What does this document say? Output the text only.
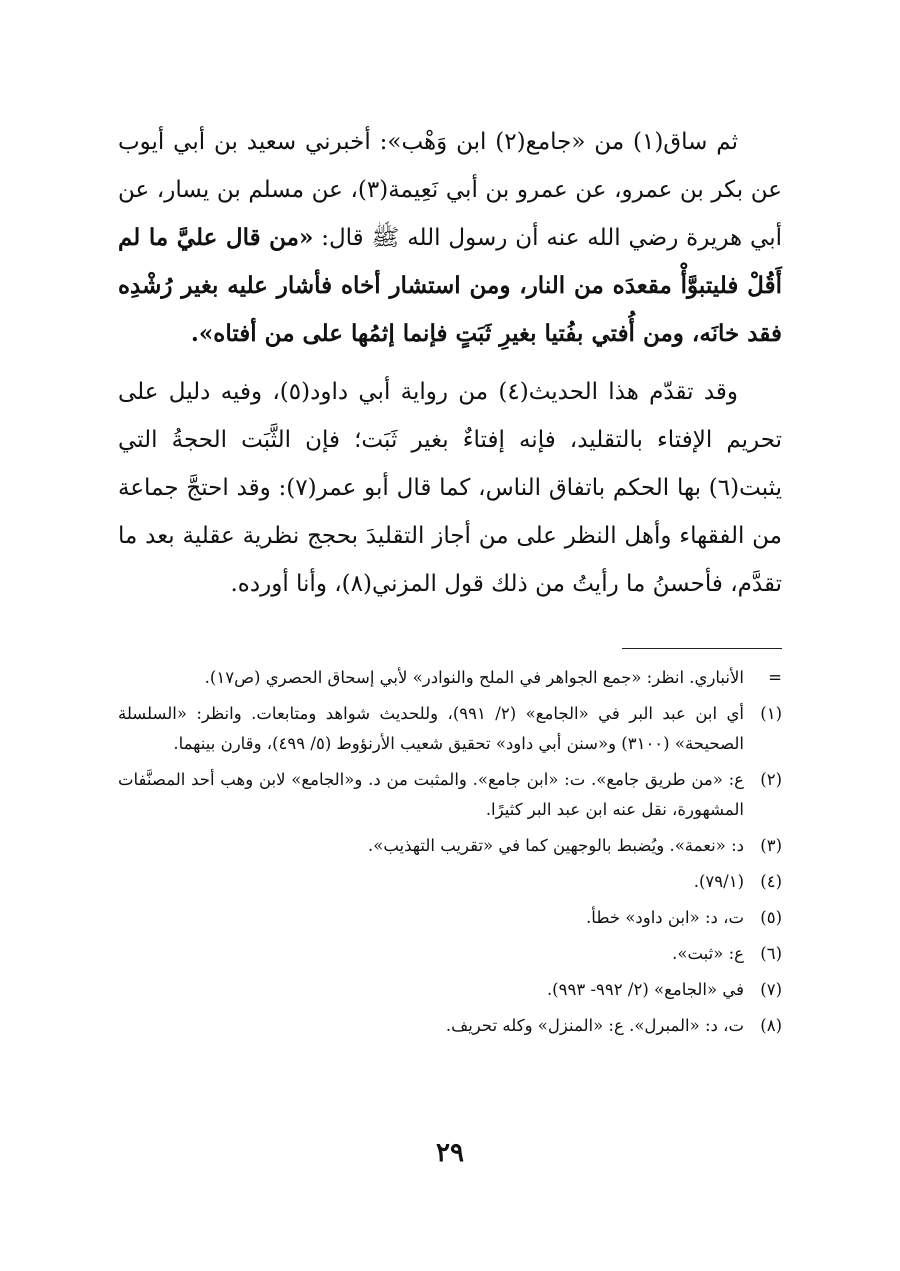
ثم ساق(١) من «جامع(٢) ابن وَهْب»: أخبرني سعيد بن أبي أيوب عن بكر بن عمرو، عن عمرو بن أبي نَعِيمة(٣)، عن مسلم بن يسار، عن أبي هريرة رضي الله عنه أن رسول الله ﷺ قال: «من قال عليَّ ما لم أَقُلْ فليتبوَّأْ مقعدَه من النار، ومن استشار أخاه فأشار عليه بغير رُشْدِه فقد خانَه، ومن أُفتي بفُتيا بغيرِ ثَبَتٍ فإنما إثمُها على من أفتاه».

وقد تقدّم هذا الحديث(٤) من رواية أبي داود(٥)، وفيه دليل على تحريم الإفتاء بالتقليد، فإنه إفتاءٌ بغير ثَبَت؛ فإن الثَّبَت الحجةُ التي يثبت(٦) بها الحكم باتفاق الناس، كما قال أبو عمر(٧): وقد احتجَّ جماعة من الفقهاء وأهل النظر على من أجاز التقليدَ بحجج نظرية عقلية بعد ما تقدَّم، فأحسنُ ما رأيتُ من ذلك قول المزني(٨)، وأنا أورده.

=
الأنباري. انظر: «جمع الجواهر في الملح والنوادر» لأبي إسحاق الحصري (ص١٧).
(١)
أي ابن عبد البر في «الجامع» (٢/ ٩٩١)، وللحديث شواهد ومتابعات. وانظر: «السلسلة الصحيحة» (٣١٠٠) و«سنن أبي داود» تحقيق شعيب الأرنؤوط (٥/ ٤٩٩)، وقارن بينهما.
(٢)
ع: «من طريق جامع». ت: «ابن جامع». والمثبت من د. و«الجامع» لابن وهب أحد المصنَّفات المشهورة، نقل عنه ابن عبد البر كثيرًا.
(٣)
د: «نعمة». ويُضبط بالوجهين كما في «تقريب التهذيب».
(٤)
(٧٩/١).
(٥)
ت، د: «ابن داود» خطأ.
(٦)
ع: «ثبت».
(٧)
في «الجامع» (٢/ ٩٩٢- ٩٩٣).
(٨)
ت، د: «المبرل». ع: «المنزل» وكله تحريف.
٢٩
